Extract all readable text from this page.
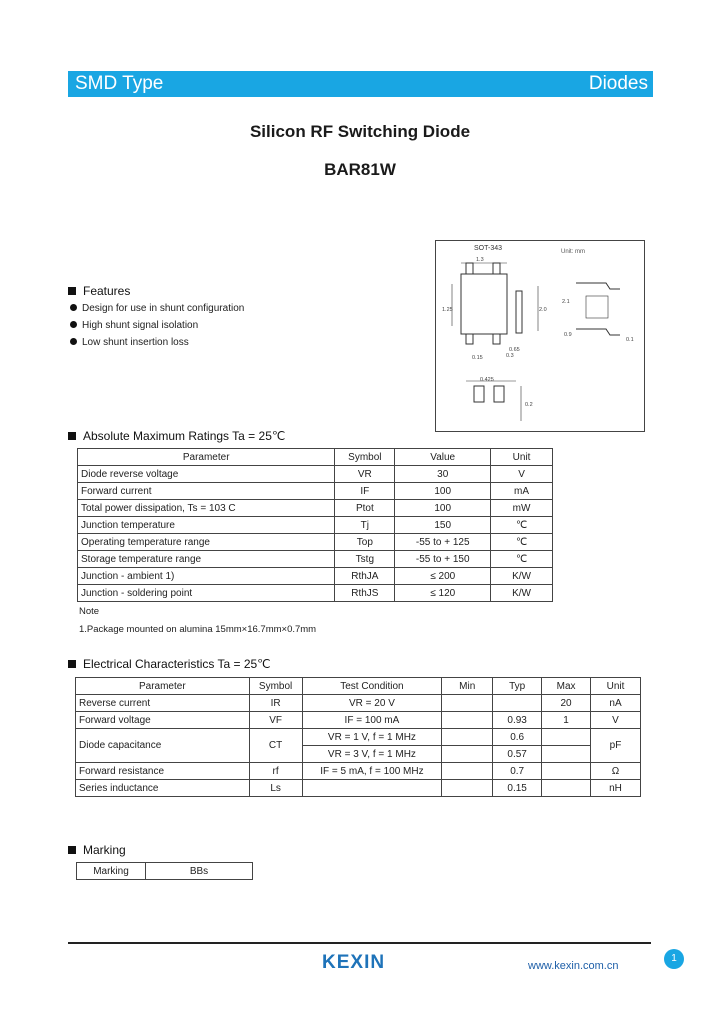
SMD Type	Diodes
Silicon RF Switching Diode
BAR81W
SOT-343	Unit: mm
1.3
2.0
0.65
1.25
0.3
0.1
0.15
0.9
2.1
0.425
0.2
Features
Design for use in shunt configuration
High shunt signal isolation
Low shunt insertion loss
Absolute Maximum Ratings Ta = 25℃
Parameter	Symbol	Value	Unit
Diode reverse voltage	VR	30	V
Forward current	IF	100	mA
Total power dissipation, Ts = 103 C	Ptot	100	mW
Junction temperature	Tj	150	℃
Operating temperature range	Top	-55 to + 125	℃
Storage temperature range	Tstg	-55 to + 150	℃
Junction - ambient 1)	RthJA	≤ 200	K/W
Junction - soldering point	RthJS	≤ 120	K/W
Note
1.Package mounted on alumina 15mm×16.7mm×0.7mm
Electrical Characteristics Ta = 25℃
Parameter	Symbol	Test Condition	Min	Typ	Max	Unit
Reverse current	IR	VR = 20 V			20	nA
Forward voltage	VF	IF = 100 mA		0.93	1	V
Diode capacitance	CT	VR = 1 V, f = 1 MHz		0.6		pF
		VR = 3 V, f = 1 MHz		0.57		
Forward resistance	rf	IF = 5 mA, f = 100 MHz		0.7		Ω
Series inductance	Ls			0.15		nH
Marking
Marking	BBs
KEXIN	www.kexin.com.cn
1
